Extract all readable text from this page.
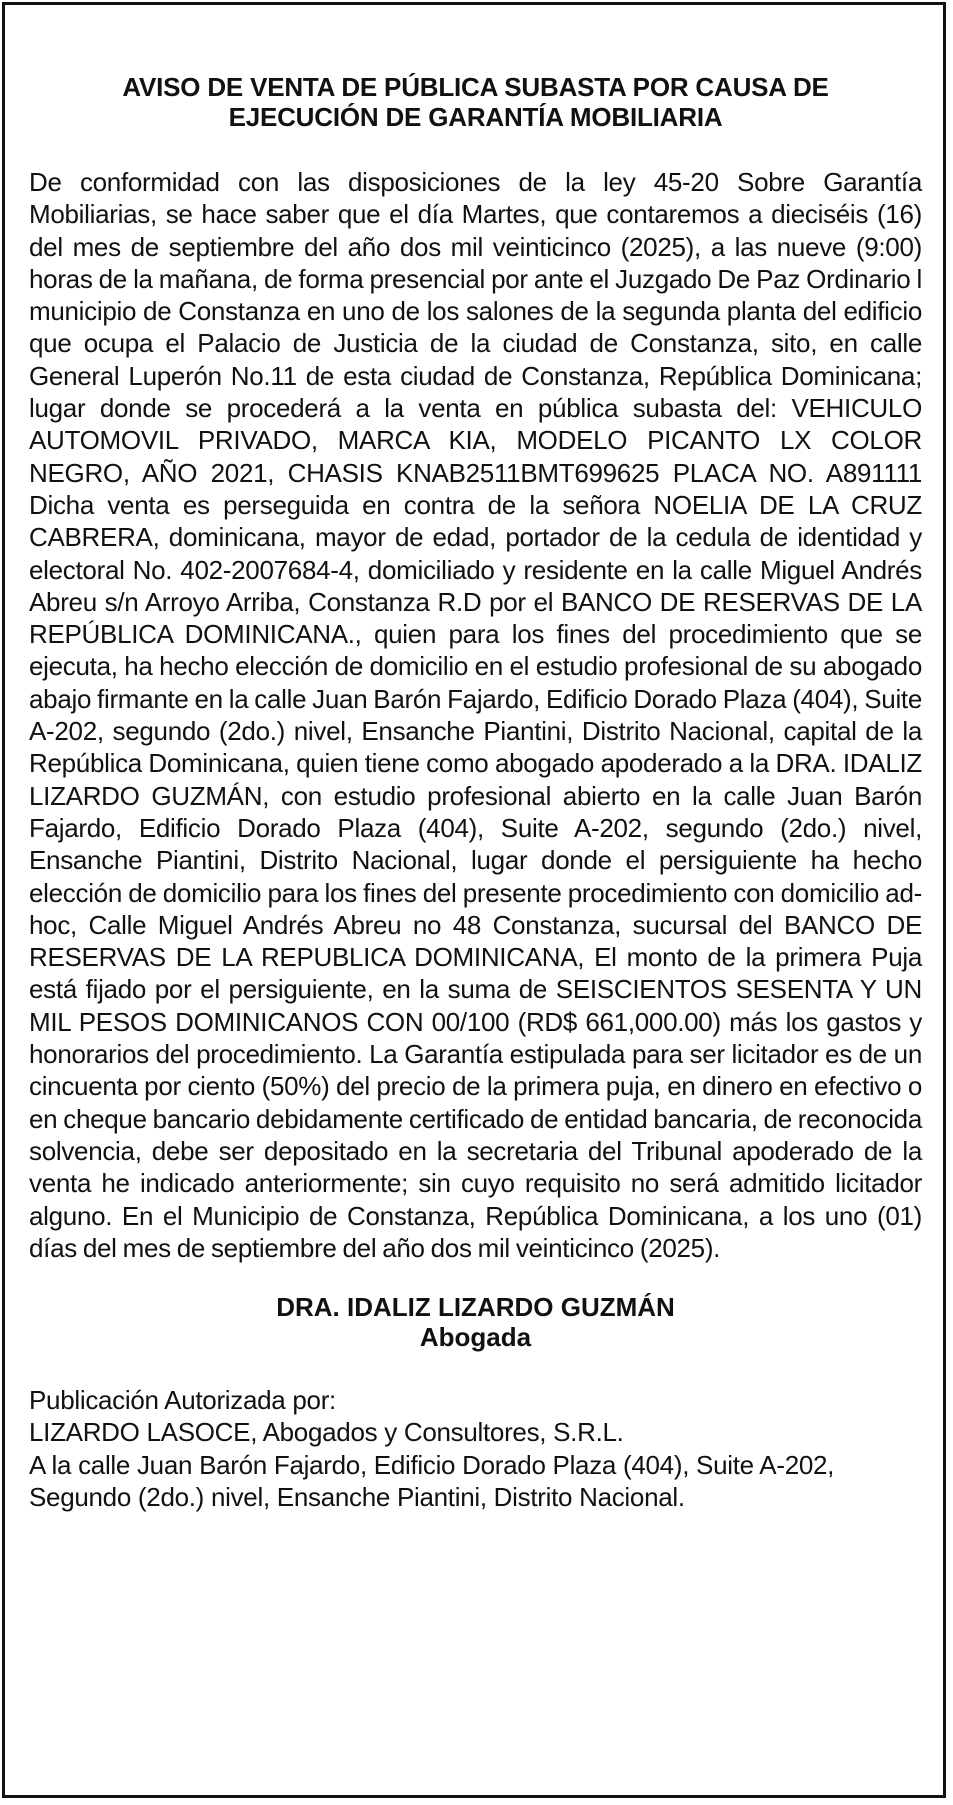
AVISO DE VENTA DE PÚBLICA SUBASTA POR CAUSA DE
EJECUCIÓN DE GARANTÍA MOBILIARIA

De conformidad con las disposiciones de la ley 45-20 Sobre Garantía Mobiliarias, se hace saber que el día Martes, que contaremos a dieciséis (16) del mes de septiembre del año dos mil veinticinco (2025), a las nueve (9:00) horas de la mañana, de forma presencial por ante el Juzgado De Paz Ordinario l municipio de Constanza en uno de los salones de la segunda planta del edificio que ocupa el Palacio de Justicia de la ciudad de Constanza, sito, en calle General Luperón No.11 de esta ciudad de Constanza, República Dominicana; lugar donde se procederá a la venta en pública subasta del: VEHICULO AUTOMOVIL PRIVADO, MARCA KIA, MODELO PICANTO LX COLOR NEGRO, AÑO 2021, CHASIS KNAB2511BMT699625 PLACA NO. A891111 Dicha venta es perseguida en contra de la señora NOELIA DE LA CRUZ CABRERA, dominicana, mayor de edad, portador de la cedula de identidad y electoral No. 402-2007684-4, domiciliado y residente en la calle Miguel Andrés Abreu s/n Arroyo Arriba, Constanza R.D por el BANCO DE RESERVAS DE LA REPÚBLICA DOMINICANA., quien para los fines del procedimiento que se ejecuta, ha hecho elección de domicilio en el estudio profesional de su abogado abajo firmante en la calle Juan Barón Fajardo, Edificio Dorado Plaza (404), Suite A-202, segundo (2do.) nivel, Ensanche Piantini, Distrito Nacional, capital de la República Dominicana, quien tiene como abogado apoderado a la DRA. IDALIZ LIZARDO GUZMÁN, con estudio profesional abierto en la calle Juan Barón Fajardo, Edificio Dorado Plaza (404), Suite A-202, segundo (2do.) nivel, Ensanche Piantini, Distrito Nacional, lugar donde el persiguiente ha hecho elección de domicilio para los fines del presente procedimiento con domicilio ad-hoc, Calle Miguel Andrés Abreu no 48 Constanza, sucursal del BANCO DE RESERVAS DE LA REPUBLICA DOMINICANA, El monto de la primera Puja está fijado por el persiguiente, en la suma de SEISCIENTOS SESENTA Y UN MIL PESOS DOMINICANOS CON 00/100 (RD$ 661,000.00) más los gastos y honorarios del procedimiento. La Garantía estipulada para ser licitador es de un cincuenta por ciento (50%) del precio de la primera puja, en dinero en efectivo o en cheque bancario debidamente certificado de entidad bancaria, de reconocida solvencia, debe ser depositado en la secretaria del Tribunal apoderado de la venta he indicado anteriormente; sin cuyo requisito no será admitido licitador alguno. En el Municipio de Constanza, República Dominicana, a los uno (01) días del mes de septiembre del año dos mil veinticinco (2025).

DRA. IDALIZ LIZARDO GUZMÁN
Abogada
Publicación Autorizada por:
LIZARDO LASOCE, Abogados y Consultores, S.R.L.
A la calle Juan Barón Fajardo, Edificio Dorado Plaza (404), Suite A-202,
Segundo (2do.) nivel, Ensanche Piantini, Distrito Nacional.
